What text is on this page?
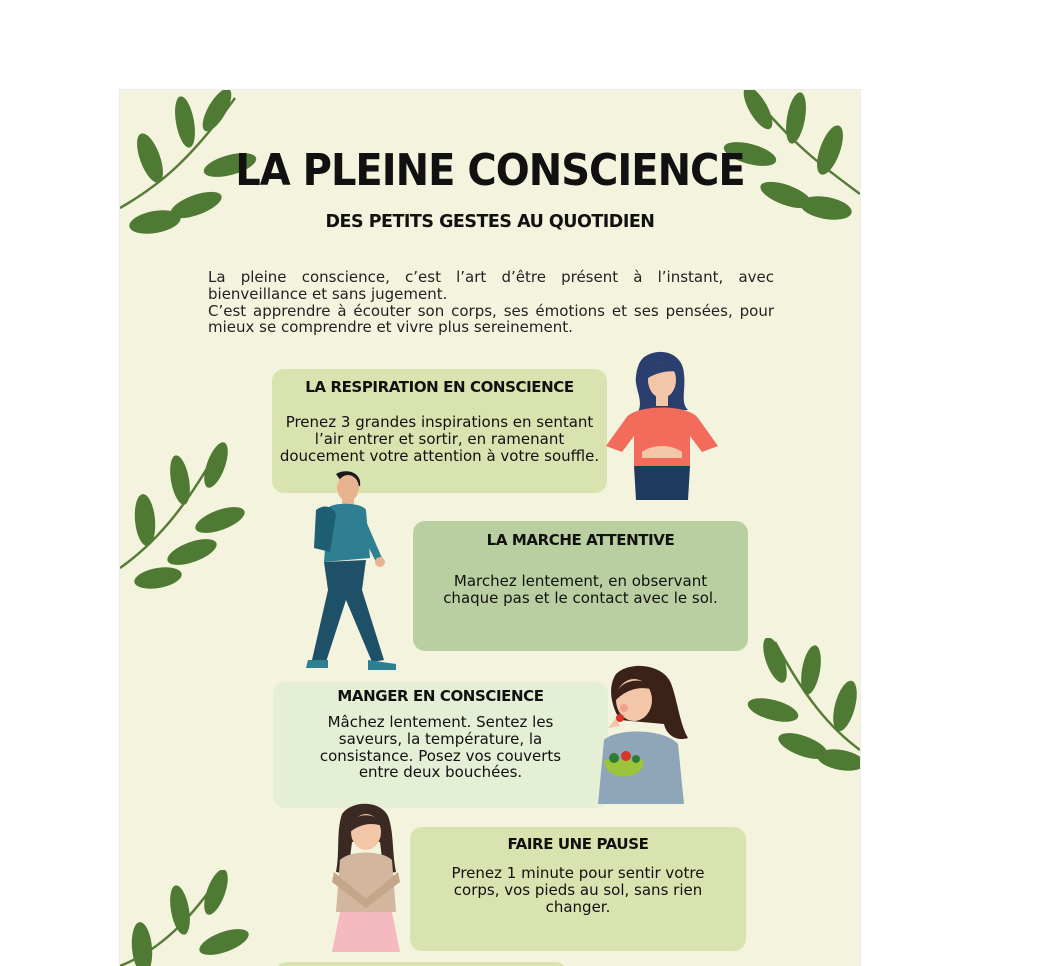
LA PLEINE CONSCIENCE
DES PETITS GESTES AU QUOTIDIEN

La pleine conscience, c’est l’art d’être présent à l’instant, avec bienveillance et sans jugement.

C’est apprendre à écouter son corps, ses émotions et ses pensées, pour mieux se comprendre et vivre plus sereinement.

LA RESPIRATION EN CONSCIENCE

Prenez 3 grandes inspirations en sentant l’air entrer et sortir, en ramenant doucement votre attention à votre souffle.

LA MARCHE ATTENTIVE

Marchez lentement, en observant chaque pas et le contact avec le sol.

MANGER EN CONSCIENCE

Mâchez lentement. Sentez les saveurs, la température, la consistance. Posez vos couverts entre deux bouchées.

FAIRE UNE PAUSE

Prenez 1 minute pour sentir votre corps, vos pieds au sol, sans rien changer.
